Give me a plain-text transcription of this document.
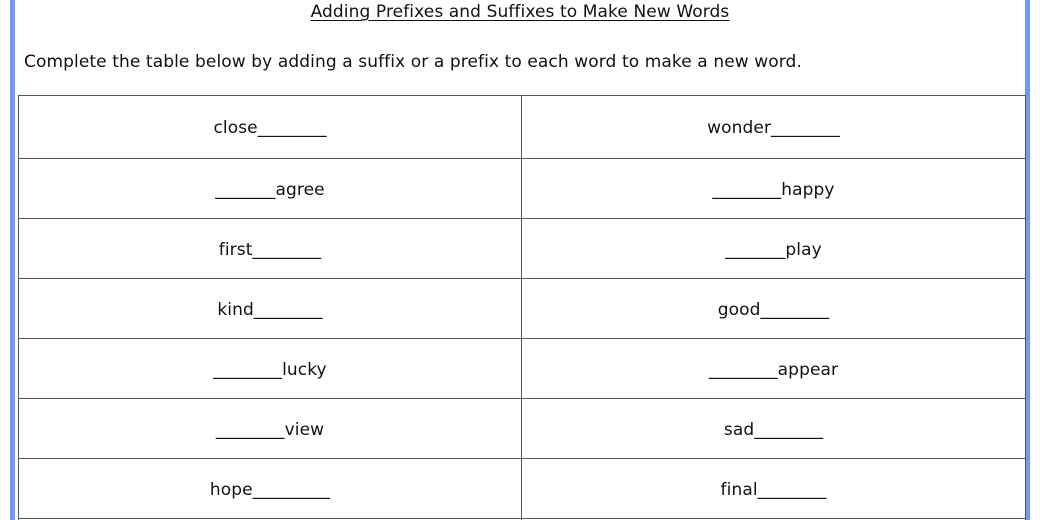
Adding Prefixes and Suffixes to Make New Words
Complete the table below by adding a suffix or a prefix to each word to make a new word.
close________	wonder________
_______agree	________happy
first________	_______play
kind________	good________
________lucky	________appear
________view	sad________
hope_________	final________
